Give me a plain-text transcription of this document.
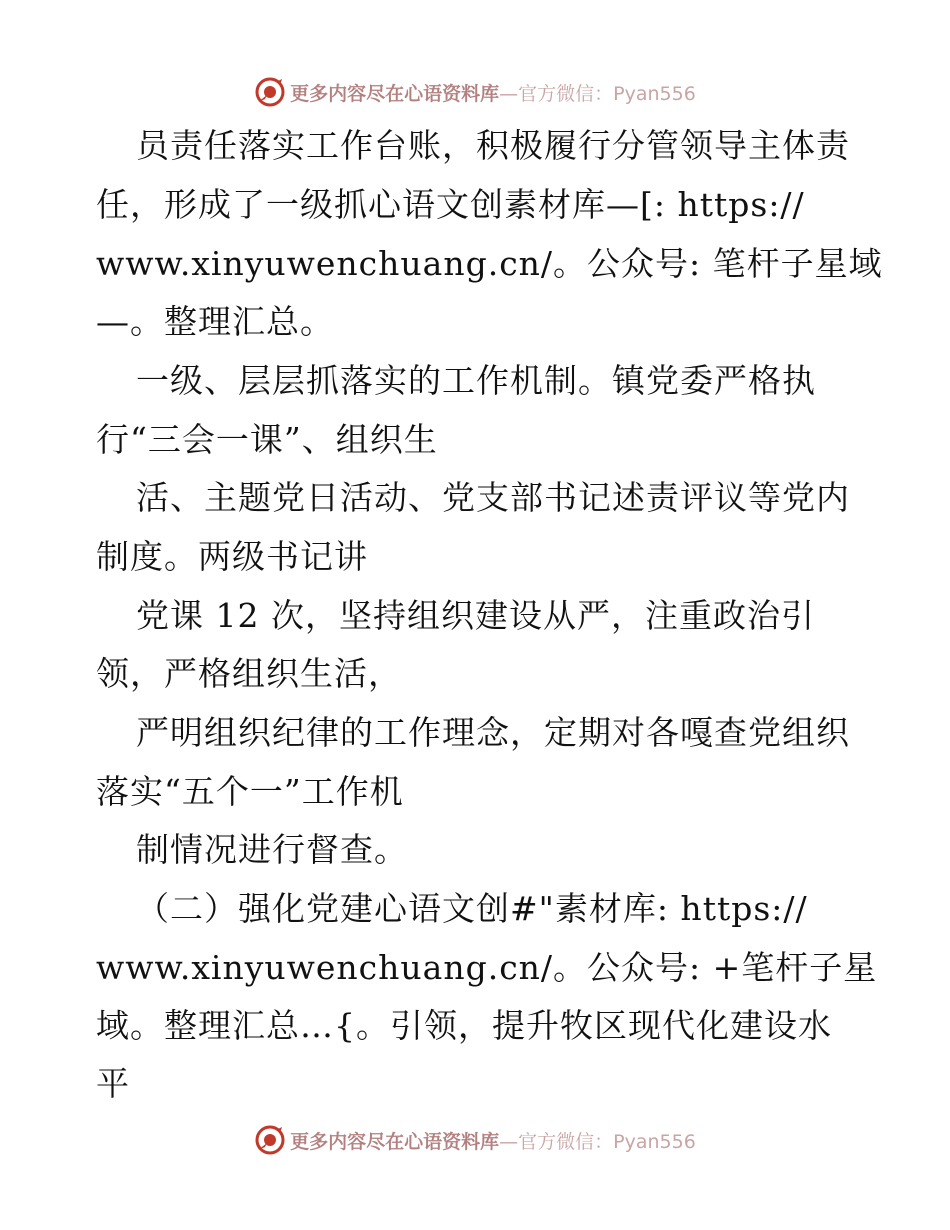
更多内容尽在心语资料库—官方微信：Pyan556
员责任落实工作台账，积极履行分管领导主体责
任，形成了一级抓心语文创素材库—[: https://
www.xinyuwenchuang.cn/。公众号: 笔杆子星域
—。整理汇总。
一级、层层抓落实的工作机制。镇党委严格执
行“三会一课”、组织生
活、主题党日活动、党支部书记述责评议等党内
制度。两级书记讲
党课 12 次，坚持组织建设从严，注重政治引
领，严格组织生活，
严明组织纪律的工作理念，定期对各嘎查党组织
落实“五个一”工作机
制情况进行督查。
（二）强化党建心语文创#"素材库: https://
www.xinyuwenchuang.cn/。公众号: +笔杆子星
域。整理汇总…{。引领，提升牧区现代化建设水
平
更多内容尽在心语资料库—官方微信：Pyan556
